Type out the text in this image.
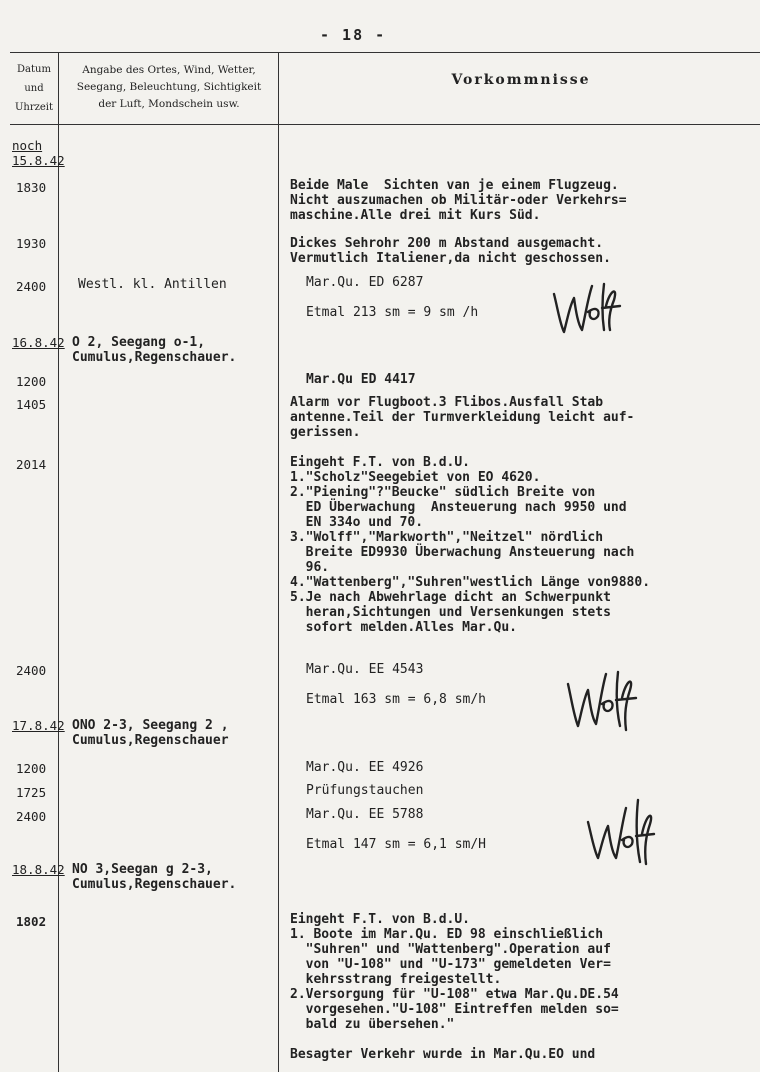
- 18 -
Datum
und
Uhrzeit
Angabe des Ortes, Wind, Wetter,
Seegang, Beleuchtung, Sichtigkeit
der Luft, Mondschein usw.
Vorkommnisse
noch
15.8.42
16.8.42
17.8.42
18.8.42
1830
1930
2400
1200
1405
2014
2400
1200
1725
2400
1802
Westl. kl. Antillen
O 2, Seegang o-1,
Cumulus,Regenschauer.
ONO 2-3, Seegang 2 ,
Cumulus,Regenschauer
NO 3,Seegan g 2-3,
Cumulus,Regenschauer.
Beide Male  Sichten van je einem Flugzeug.
Nicht auszumachen ob Militär-oder Verkehrs=
maschine.Alle drei mit Kurs Süd.
Dickes Sehrohr 200 m Abstand ausgemacht.
Vermutlich Italiener,da nicht geschossen.
Mar.Qu. ED 6287

Etmal 213 sm = 9 sm /h
Mar.Qu ED 4417
Alarm vor Flugboot.3 Flibos.Ausfall Stab
antenne.Teil der Turmverkleidung leicht auf-
gerissen.
Eingeht F.T. von B.d.U.
1."Scholz"Seegebiet von EO 4620.
2."Piening"?"Beucke" südlich Breite von
ED Überwachung  Ansteuerung nach 9950 und
EN 334o und 70.
3."Wolff","Markworth","Neitzel" nördlich
Breite ED9930 Überwachung Ansteuerung nach
96.
4."Wattenberg","Suhren"westlich Länge von9880.
5.Je nach Abwehrlage dicht an Schwerpunkt
heran,Sichtungen und Versenkungen stets
sofort melden.Alles Mar.Qu.
Mar.Qu. EE 4543

Etmal 163 sm = 6,8 sm/h
Mar.Qu. EE 4926
Prüfungstauchen
Mar.Qu. EE 5788

Etmal 147 sm = 6,1 sm/H
Eingeht F.T. von B.d.U.
1. Boote im Mar.Qu. ED 98 einschließlich
"Suhren" und "Wattenberg".Operation auf
von "U-108" und "U-173" gemeldeten Ver=
kehrsstrang freigestellt.
2.Versorgung für "U-108" etwa Mar.Qu.DE.54
vorgesehen."U-108" Eintreffen melden so=
bald zu übersehen."

Besagter Verkehr wurde in Mar.Qu.EO und
